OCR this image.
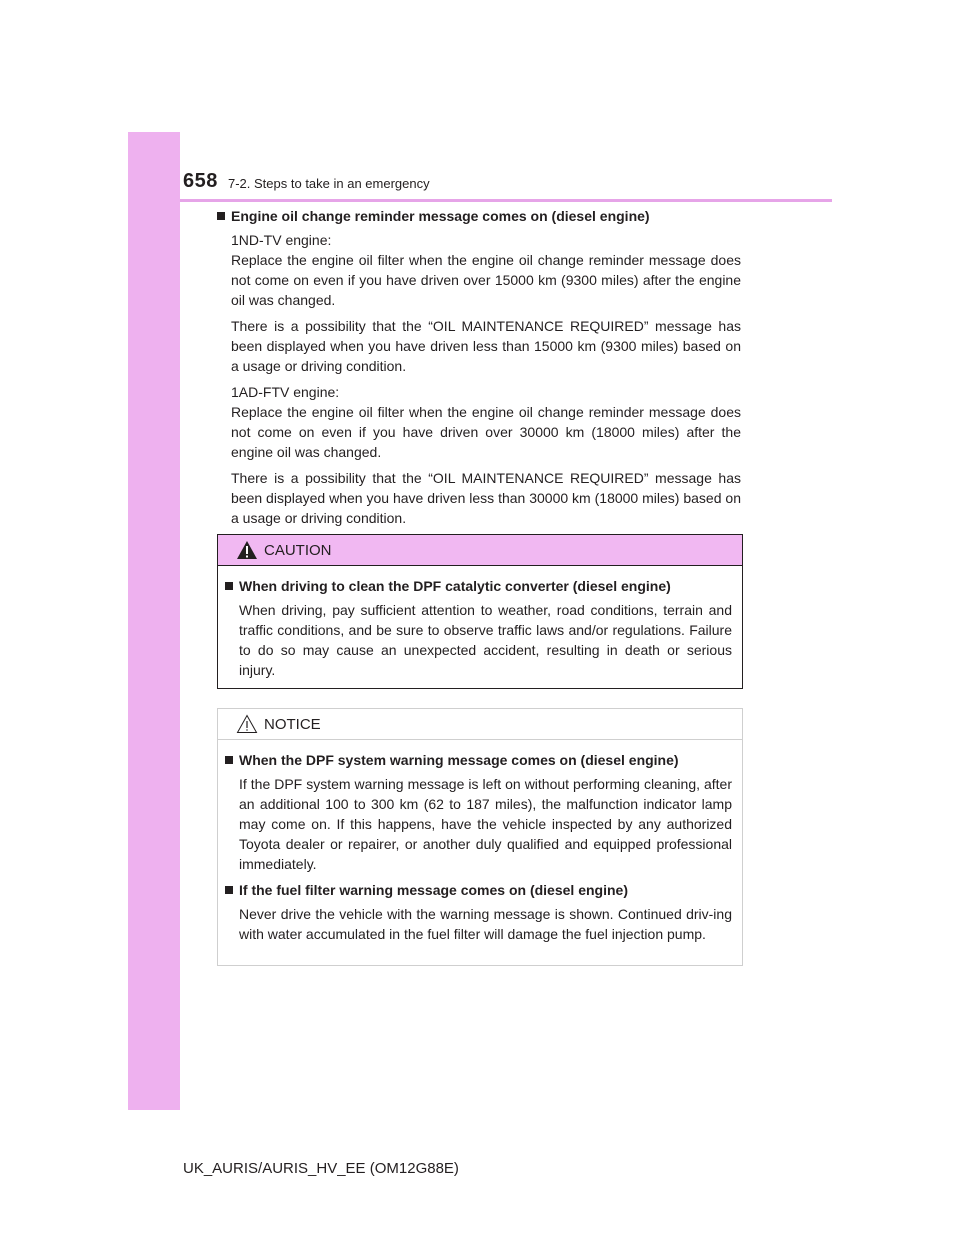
658 7-2. Steps to take in an emergency
Engine oil change reminder message comes on (diesel engine)

1ND-TV engine:
Replace the engine oil filter when the engine oil change reminder message does not come on even if you have driven over 15000 km (9300 miles) after the engine oil was changed.

There is a possibility that the “OIL MAINTENANCE REQUIRED” message has been displayed when you have driven less than 15000 km (9300 miles) based on a usage or driving condition.

1AD-FTV engine:
Replace the engine oil filter when the engine oil change reminder message does not come on even if you have driven over 30000 km (18000 miles) after the engine oil was changed.

There is a possibility that the “OIL MAINTENANCE REQUIRED” message has been displayed when you have driven less than 30000 km (18000 miles) based on a usage or driving condition.

CAUTION
When driving to clean the DPF catalytic converter (diesel engine)

When driving, pay sufficient attention to weather, road conditions, terrain and traffic conditions, and be sure to observe traffic laws and/or regulations. Failure to do so may cause an unexpected accident, resulting in death or serious injury.

NOTICE
When the DPF system warning message comes on (diesel engine)

If the DPF system warning message is left on without performing cleaning, after an additional 100 to 300 km (62 to 187 miles), the malfunction indicator lamp may come on. If this happens, have the vehicle inspected by any authorized Toyota dealer or repairer, or another duly qualified and equipped professional immediately.

If the fuel filter warning message comes on (diesel engine)

Never drive the vehicle with the warning message is shown. Continued driv-ing with water accumulated in the fuel filter will damage the fuel injection pump.

UK_AURIS/AURIS_HV_EE (OM12G88E)
